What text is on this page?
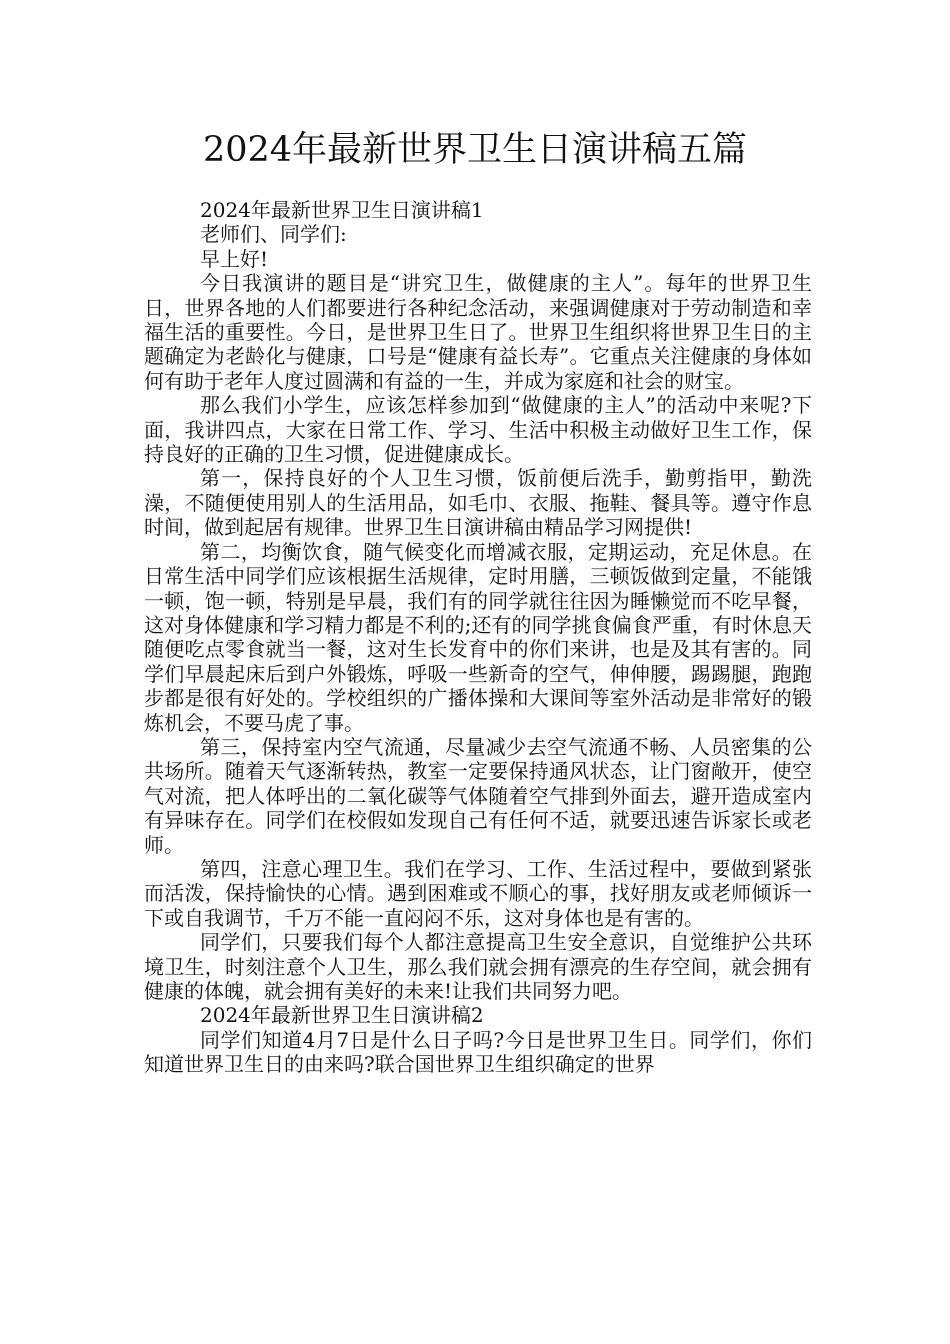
2024年最新世界卫生日演讲稿五篇

2024年最新世界卫生日演讲稿1

老师们、同学们:

早上好!

今日我演讲的题目是“讲究卫生，做健康的主人”。每年的世界卫生日，世界各地的人们都要进行各种纪念活动，来强调健康对于劳动制造和幸福生活的重要性。今日，是世界卫生日了。世界卫生组织将世界卫生日的主题确定为老龄化与健康，口号是“健康有益长寿”。它重点关注健康的身体如何有助于老年人度过圆满和有益的一生，并成为家庭和社会的财宝。

那么我们小学生，应该怎样参加到“做健康的主人”的活动中来呢?下面，我讲四点，大家在日常工作、学习、生活中积极主动做好卫生工作，保持良好的正确的卫生习惯，促进健康成长。

第一，保持良好的个人卫生习惯，饭前便后洗手，勤剪指甲，勤洗澡，不随便使用别人的生活用品，如毛巾、衣服、拖鞋、餐具等。遵守作息时间，做到起居有规律。世界卫生日演讲稿由精品学习网提供!

第二，均衡饮食，随气候变化而增减衣服，定期运动，充足休息。在日常生活中同学们应该根据生活规律，定时用膳，三顿饭做到定量，不能饿一顿，饱一顿，特别是早晨，我们有的同学就往往因为睡懒觉而不吃早餐，这对身体健康和学习精力都是不利的;还有的同学挑食偏食严重，有时休息天随便吃点零食就当一餐，这对生长发育中的你们来讲，也是及其有害的。同学们早晨起床后到户外锻炼，呼吸一些新奇的空气，伸伸腰，踢踢腿，跑跑步都是很有好处的。学校组织的广播体操和大课间等室外活动是非常好的锻炼机会，不要马虎了事。

第三，保持室内空气流通，尽量减少去空气流通不畅、人员密集的公共场所。随着天气逐渐转热，教室一定要保持通风状态，让门窗敞开，使空气对流，把人体呼出的二氧化碳等气体随着空气排到外面去，避开造成室内有异味存在。同学们在校假如发现自己有任何不适，就要迅速告诉家长或老师。

第四，注意心理卫生。我们在学习、工作、生活过程中，要做到紧张而活泼，保持愉快的心情。遇到困难或不顺心的事，找好朋友或老师倾诉一下或自我调节，千万不能一直闷闷不乐，这对身体也是有害的。

同学们，只要我们每个人都注意提高卫生安全意识，自觉维护公共环境卫生，时刻注意个人卫生，那么我们就会拥有漂亮的生存空间，就会拥有健康的体魄，就会拥有美好的未来!让我们共同努力吧。

2024年最新世界卫生日演讲稿2

同学们知道4月7日是什么日子吗?今日是世界卫生日。同学们，你们知道世界卫生日的由来吗?联合国世界卫生组织确定的世界
